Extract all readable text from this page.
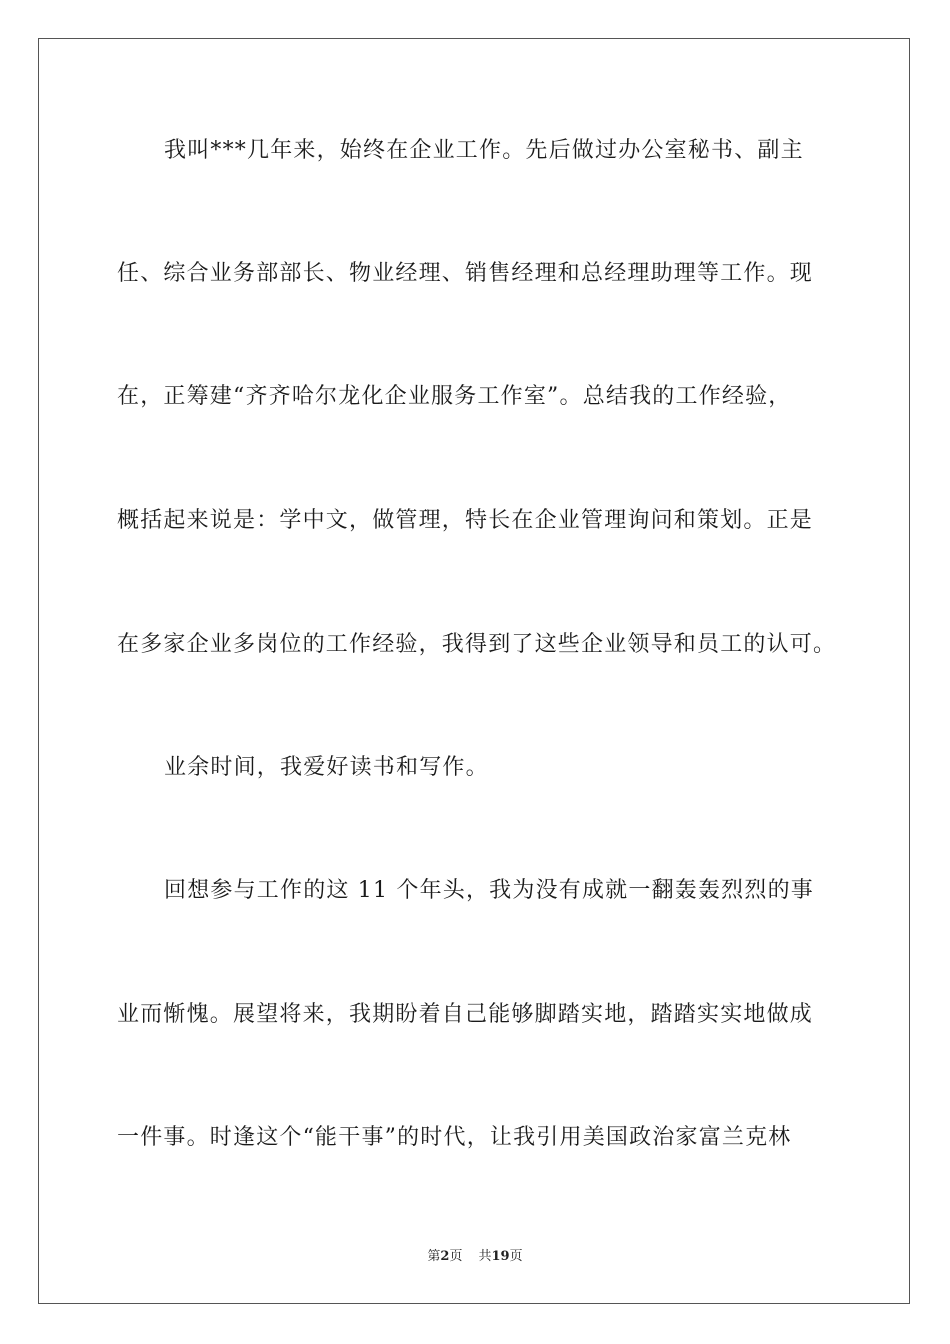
我叫***几年来，始终在企业工作。先后做过办公室秘书、副主
任、综合业务部部长、物业经理、销售经理和总经理助理等工作。现
在，正筹建“齐齐哈尔龙化企业服务工作室”。总结我的工作经验，
概括起来说是：学中文，做管理，特长在企业管理询问和策划。正是
在多家企业多岗位的工作经验，我得到了这些企业领导和员工的认可。
业余时间，我爱好读书和写作。
回想参与工作的这 11 个年头，我为没有成就一翻轰轰烈烈的事
业而惭愧。展望将来，我期盼着自己能够脚踏实地，踏踏实实地做成
一件事。时逢这个“能干事”的时代，让我引用美国政治家富兰克林
第2页 共19页
